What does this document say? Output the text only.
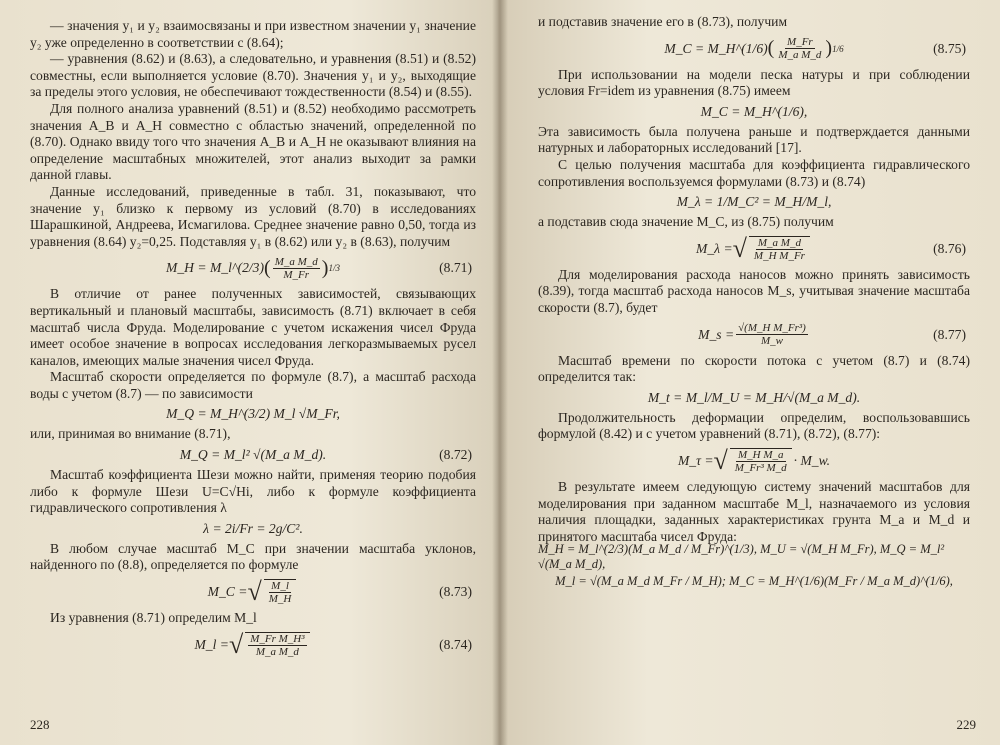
— значения y₁ и y₂ взаимосвязаны и при известном значении y₁ значение y₂ уже определенно в соответствии с (8.64);

— уравнения (8.62) и (8.63), а следовательно, и уравнения (8.51) и (8.52) совместны, если выполняется условие (8.70). Значения y₁ и y₂, выходящие за пределы этого условия, не обеспечивают тождественности (8.54) и (8.55).

Для полного анализа уравнений (8.51) и (8.52) необходимо рассмотреть значения A_B и A_H совместно с областью значений, определенной по (8.70). Однако ввиду того что значения A_B и A_H не оказывают влияния на определение масштабных множителей, этот анализ выходит за рамки данной главы.

Данные исследований, приведенные в табл. 31, показывают, что значение y₁ близко к первому из условий (8.70) в исследованиях Шарашкиной, Андреева, Исмагилова. Среднее значение равно 0,50, тогда из уравнения (8.64) y₂=0,25. Подставляя y₁ в (8.62) или y₂ в (8.63), получим

M_H = M_l^(2/3) ( $\frac{\text{M\_a M\_d}}{M\_Fr}$ ) 1/3	(8.71)

В отличие от ранее полученных зависимостей, связывающих вертикальный и плановый масштабы, зависимость (8.71) включает в себя масштаб числа Фруда. Моделирование с учетом искажения чисел Фруда имеет особое значение в вопросах исследования легкоразмываемых русел каналов, имеющих малые значения чисел Фруда.

Масштаб скорости определяется по формуле (8.7), а масштаб расхода воды с учетом (8.7) — по зависимости

M_Q = M_H^(3/2) M_l √M_Fr,

или, принимая во внимание (8.71),

M_Q = M_l² √(M_a M_d).	(8.72)

Масштаб коэффициента Шези можно найти, применяя теорию подобия либо к формуле Шези U=C√Hi, либо к формуле коэффициента гидравлического сопротивления λ

λ = 2i/Fr = 2g/C².

В любом случае масштаб M_C при значении масштаба уклонов, найденного по (8.8), определяется по формуле

M_C = √ $\frac{M\_l}{M\_H}$	(8.73)

Из уравнения (8.71) определим M_l

M_l = √ $\frac{\text{M\_Fr M\_H³}}{\text{M\_a M\_d}}$	(8.74)
228

и подставив значение его в (8.73), получим

M_C = M_H^(1/6) ( $\frac{M\_Fr}{\text{M\_a M\_d}}$ ) 1/6	(8.75)

При использовании на модели песка натуры и при соблюдении условия Fr=idem из уравнения (8.75) имеем

M_C = M_H^(1/6),

Эта зависимость была получена раньше и подтверждается данными натурных и лабораторных исследований [17].

С целью получения масштаба для коэффициента гидравлического сопротивления воспользуемся формулами (8.73) и (8.74)

M_λ = 1/M_C² = M_H/M_l,

а подставив сюда значение M_C, из (8.75) получим

M_λ = √ $\frac{\text{M\_a M\_d}}{\text{M\_H M\_Fr}}$	(8.76)

Для моделирования расхода наносов можно принять зависимость (8.39), тогда масштаб расхода наносов M_s, учитывая значение масштаба скорости (8.7), будет

M_s = $\frac{\text{√(M\_H M\_Fr³)}}{M\_w}$	(8.77)

Масштаб времени по скорости потока с учетом (8.7) и (8.74) определится так:

M_t = M_l/M_U = M_H/√(M_a M_d).

Продолжительность деформации определим, воспользовавшись формулой (8.42) и с учетом уравнений (8.71), (8.72), (8.77):

M_τ = √ $\frac{\text{M\_H M\_a}}{\text{M\_Fr³ M\_d}}$ · M_w.

В результате имеем следующую систему значений масштабов для моделирования при заданном масштабе M_l, назначаемого из условия наличия площадки, заданных характеристиках грунта M_a и M_d и принятого масштаба чисел Фруда:

M_H = M_l^(2/3)(M_a M_d / M_Fr)^(1/3), M_U = √(M_H M_Fr), M_Q = M_l² √(M_a M_d),
M_l = √(M_a M_d M_Fr / M_H); M_C = M_H^(1/6)(M_Fr / M_a M_d)^(1/6),
229
